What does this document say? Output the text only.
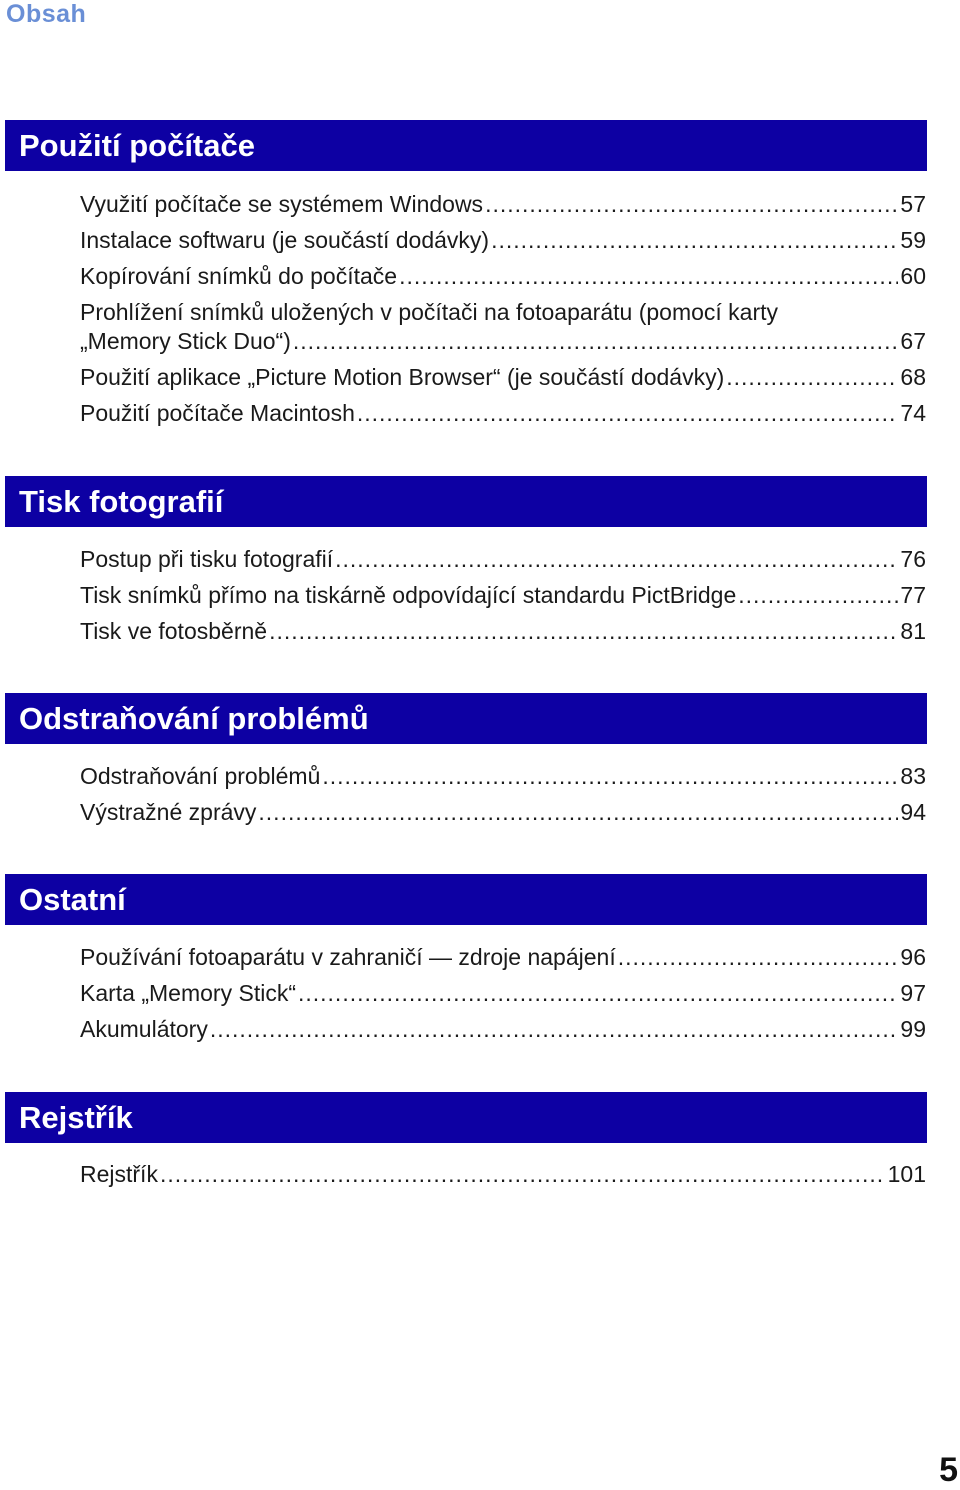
Obsah
Použití počítače
Využití počítače se systémem Windows .....	57
Instalace softwaru (je součástí dodávky) .....	59
Kopírování snímků do počítače .....	60
Prohlížení snímků uložených v počítači na fotoaparátu (pomocí karty
„Memory Stick Duo“) .....	67
Použití aplikace „Picture Motion Browser“ (je součástí dodávky) .....	68
Použití počítače Macintosh .....	74
Tisk fotografií
Postup při tisku fotografií .....	76
Tisk snímků přímo na tiskárně odpovídající standardu PictBridge .....	77
Tisk ve fotosběrně .....	81
Odstraňování problémů
Odstraňování problémů .....	83
Výstražné zprávy .....	94
Ostatní
Používání fotoaparátu v zahraničí — zdroje napájení .....	96
Karta „Memory Stick“ .....	97
Akumulátory .....	99
Rejstřík
Rejstřík .....	101
5
